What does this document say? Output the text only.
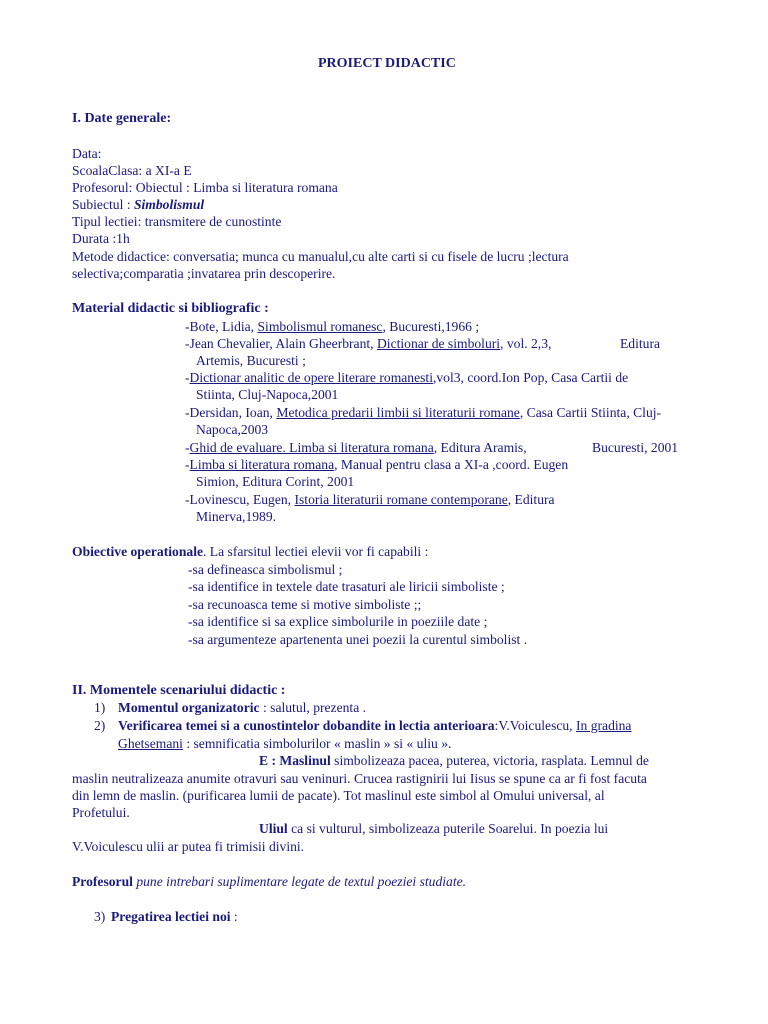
PROIECT DIDACTIC
I. Date generale:
Data:
ScoalaClasa: a XI-a E
Profesorul: Obiectul : Limba si literatura romana
Subiectul : Simbolismul
Tipul lectiei: transmitere de cunostinte
Durata :1h
Metode didactice: conversatia; munca cu manualul,cu alte carti si cu fisele de lucru ;lectura
selectiva;comparatia ;invatarea prin descoperire.
Material didactic si bibliografic :
-Bote, Lidia, Simbolismul romanesc, Bucuresti,1966 ;
-Jean Chevalier, Alain Gheerbrant, Dictionar de simboluri, vol. 2,3,	Editura
Artemis, Bucuresti ;
-Dictionar analitic de opere literare romanesti,vol3, coord.Ion Pop, Casa Cartii de
Stiinta, Cluj-Napoca,2001
-Dersidan, Ioan, Metodica predarii limbii si literaturii romane, Casa Cartii Stiinta, Cluj-
Napoca,2003
-Ghid de evaluare. Limba si literatura romana, Editura Aramis,	Bucuresti, 2001
-Limba si literatura romana, Manual pentru clasa a XI-a ,coord. Eugen
Simion, Editura Corint, 2001
-Lovinescu, Eugen, Istoria literaturii romane contemporane, Editura
Minerva,1989.
Obiective operationale. La sfarsitul lectiei elevii vor fi capabili :
-sa defineasca simbolismul ;
-sa identifice in textele date trasaturi ale liricii simboliste ;
-sa recunoasca teme si motive simboliste ;;
-sa identifice si sa explice simbolurile in poeziile date ;
-sa argumenteze apartenenta unei poezii la curentul simbolist .
II. Momentele scenariului didactic :
1) Momentul organizatoric : salutul, prezenta .
2) Verificarea temei si a cunostintelor dobandite in lectia anterioara:V.Voiculescu, In gradina
Ghetsemani : semnificatia simbolurilor « maslin » si « uliu ».
E : Maslinul simbolizeaza pacea, puterea, victoria, rasplata. Lemnul de
maslin neutralizeaza anumite otravuri sau veninuri. Crucea rastignirii lui Iisus se spune ca ar fi fost facuta
din lemn de maslin. (purificarea lumii de pacate). Tot maslinul este simbol al Omului universal, al
Profetului.
Uliul ca si vulturul, simbolizeaza puterile Soarelui. In poezia lui
V.Voiculescu ulii ar putea fi trimisii divini.
Profesorul pune intrebari suplimentare legate de textul poeziei studiate.
3) Pregatirea lectiei noi :
